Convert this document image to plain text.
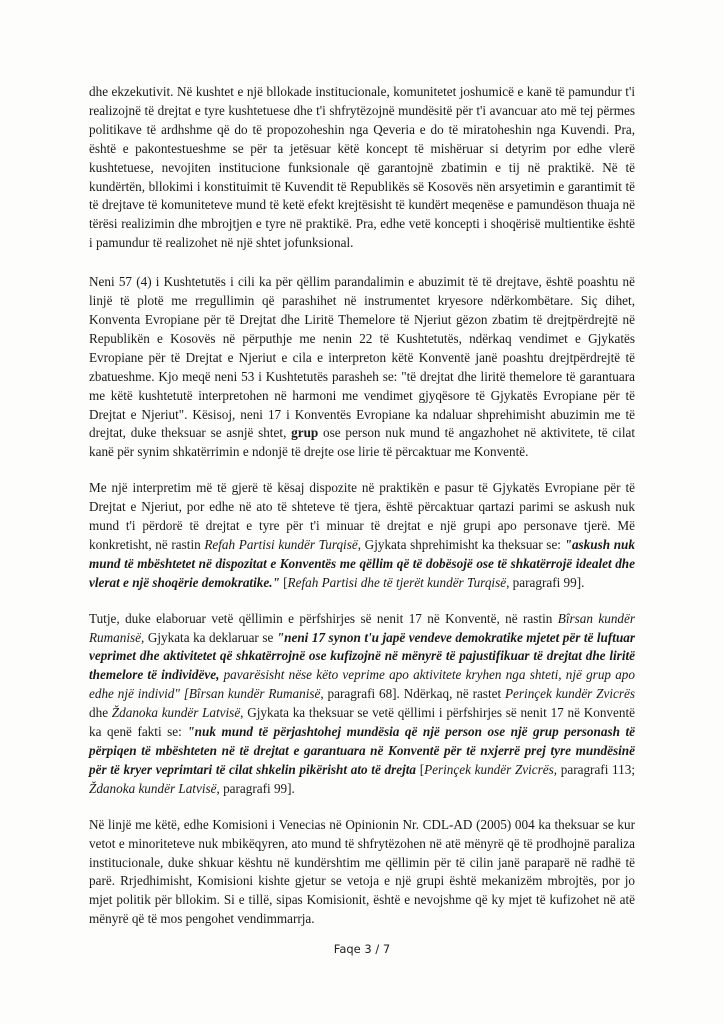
dhe ekzekutivit. Në kushtet e një bllokade institucionale, komunitetet joshumicë e kanë të pamundur t'i realizojnë të drejtat e tyre kushtetuese dhe t'i shfrytëzojnë mundësitë për t'i avancuar ato më tej përmes politikave të ardhshme që do të propozoheshin nga Qeveria e do të miratoheshin nga Kuvendi. Pra, është e pakontestueshme se për ta jetësuar këtë koncept të mishëruar si detyrim por edhe vlerë kushtetuese, nevojiten institucione funksionale që garantojnë zbatimin e tij në praktikë. Në të kundërtën, bllokimi i konstituimit të Kuvendit të Republikës së Kosovës nën arsyetimin e garantimit të të drejtave të komuniteteve mund të ketë efekt krejtësisht të kundërt meqenëse e pamundëson thuaja në tërësi realizimin dhe mbrojtjen e tyre në praktikë. Pra, edhe vetë koncepti i shoqërisë multientike është i pamundur të realizohet në një shtet jofunksional.

Neni 57 (4) i Kushtetutës i cili ka për qëllim parandalimin e abuzimit të të drejtave, është poashtu në linjë të plotë me rregullimin që parashihet në instrumentet kryesore ndërkombëtare. Siç dihet, Konventa Evropiane për të Drejtat dhe Liritë Themelore të Njeriut gëzon zbatim të drejtpërdrejtë në Republikën e Kosovës në përputhje me nenin 22 të Kushtetutës, ndërkaq vendimet e Gjykatës Evropiane për të Drejtat e Njeriut e cila e interpreton këtë Konventë janë poashtu drejtpërdrejtë të zbatueshme. Kjo meqë neni 53 i Kushtetutës parasheh se: "të drejtat dhe liritë themelore të garantuara me këtë kushtetutë interpretohen në harmoni me vendimet gjyqësore të Gjykatës Evropiane për të Drejtat e Njeriut". Kësisoj, neni 17 i Konventës Evropiane ka ndaluar shprehimisht abuzimin me të drejtat, duke theksuar se asnjë shtet, grup ose person nuk mund të angazhohet në aktivitete, të cilat kanë për synim shkatërrimin e ndonjë të drejte ose lirie të përcaktuar me Konventë.

Me një interpretim më të gjerë të kësaj dispozite në praktikën e pasur të Gjykatës Evropiane për të Drejtat e Njeriut, por edhe në ato të shteteve të tjera, është përcaktuar qartazi parimi se askush nuk mund t'i përdorë të drejtat e tyre për t'i minuar të drejtat e një grupi apo personave tjerë. Më konkretisht, në rastin Refah Partisi kundër Turqisë, Gjykata shprehimisht ka theksuar se: "askush nuk mund të mbështetet në dispozitat e Konventës me qëllim që të dobësojë ose të shkatërrojë idealet dhe vlerat e një shoqërie demokratike." [Refah Partisi dhe të tjerët kundër Turqisë, paragrafi 99].

Tutje, duke elaboruar vetë qëllimin e përfshirjes së nenit 17 në Konventë, në rastin Bîrsan kundër Rumanisë, Gjykata ka deklaruar se "neni 17 synon t'u japë vendeve demokratike mjetet për të luftuar veprimet dhe aktivitetet që shkatërrojnë ose kufizojnë në mënyrë të pajustifikuar të drejtat dhe liritë themelore të individëve, pavarësisht nëse këto veprime apo aktivitete kryhen nga shteti, një grup apo edhe një individ" [Bîrsan kundër Rumanisë, paragrafi 68]. Ndërkaq, në rastet Perinçek kundër Zvicrës dhe Ždanoka kundër Latvisë, Gjykata ka theksuar se vetë qëllimi i përfshirjes së nenit 17 në Konventë ka qenë fakti se: "nuk mund të përjashtohej mundësia që një person ose një grup personash të përpiqen të mbështeten në të drejtat e garantuara në Konventë për të nxjerrë prej tyre mundësinë për të kryer veprimtari të cilat shkelin pikërisht ato të drejta [Perinçek kundër Zvicrës, paragrafi 113; Ždanoka kundër Latvisë, paragrafi 99].

Në linjë me këtë, edhe Komisioni i Venecias në Opinionin Nr. CDL-AD (2005) 004 ka theksuar se kur vetot e minoriteteve nuk mbikëqyren, ato mund të shfrytëzohen në atë mënyrë që të prodhojnë paraliza institucionale, duke shkuar kështu në kundërshtim me qëllimin për të cilin janë paraparë në radhë të parë. Rrjedhimisht, Komisioni kishte gjetur se vetoja e një grupi është mekanizëm mbrojtës, por jo mjet politik për bllokim. Si e tillë, sipas Komisionit, është e nevojshme që ky mjet të kufizohet në atë mënyrë që të mos pengohet vendimmarrja.

Faqe 3 / 7
